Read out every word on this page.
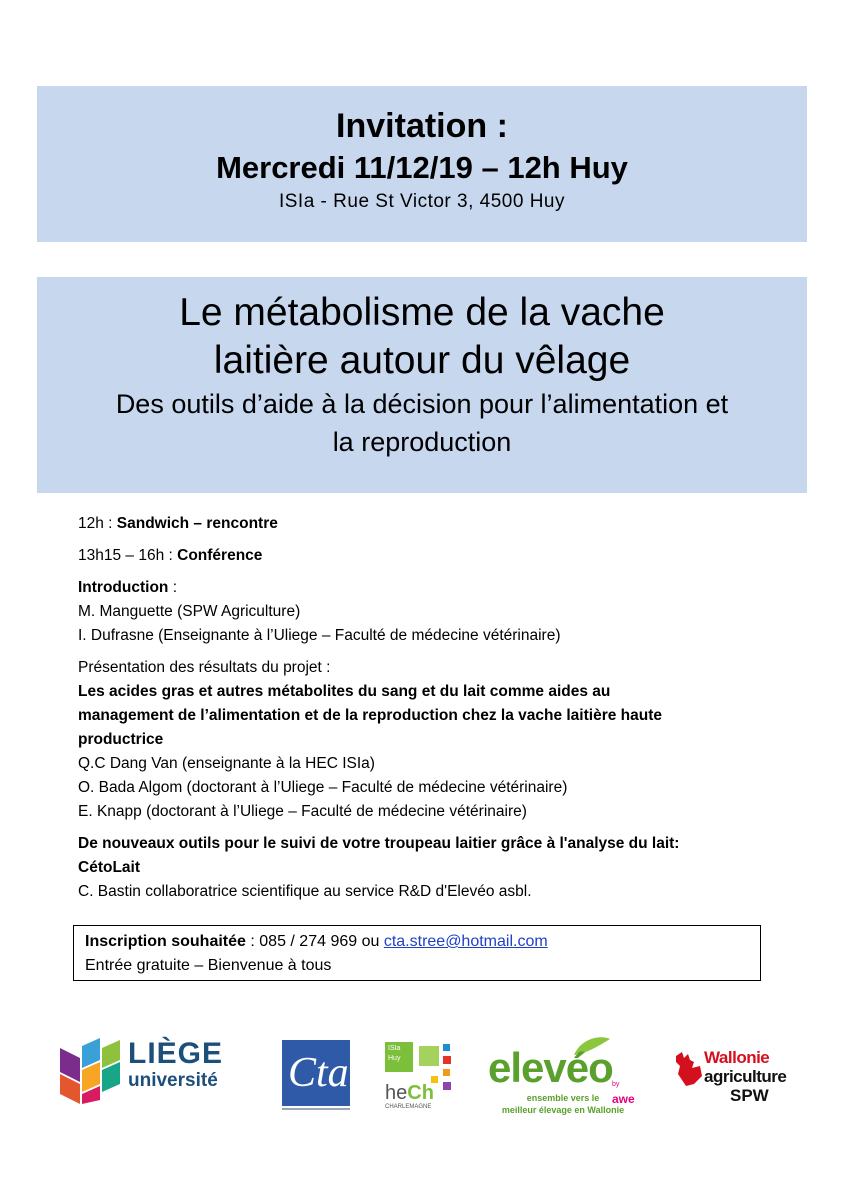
Invitation :
Mercredi 11/12/19 – 12h Huy
ISIa - Rue St Victor 3, 4500 Huy
Le métabolisme de la vache
laitière autour du vêlage
Des outils d’aide à la décision pour l’alimentation et
la reproduction

12h : Sandwich – rencontre

13h15 – 16h : Conférence

Introduction :

M. Manguette (SPW Agriculture)

I. Dufrasne (Enseignante à l’Uliege – Faculté de médecine vétérinaire)

Présentation des résultats du projet :

Les acides gras et autres métabolites du sang et du lait comme aides au

management de l’alimentation et de la reproduction chez la vache laitière haute

productrice

Q.C Dang Van (enseignante à la HEC ISIa)

O. Bada Algom (doctorant à l’Uliege – Faculté de médecine vétérinaire)

E. Knapp (doctorant à l’Uliege – Faculté de médecine vétérinaire)

De nouveaux outils pour le suivi de votre troupeau laitier grâce à l'analyse du lait:

CétoLait

C. Bastin collaboratrice scientifique au service R&D d'Elevéo asbl.

Inscription souhaitée : 085 / 274 969 ou cta.stree@hotmail.com
Entrée gratuite – Bienvenue à tous
LIÈGE
université Cta
ISIa
Huy
heCh
CHARLEMAGNE
elevéo by awe
ensemble vers le
meilleur élevage en Wallonie
Wallonie
agriculture
SPW
